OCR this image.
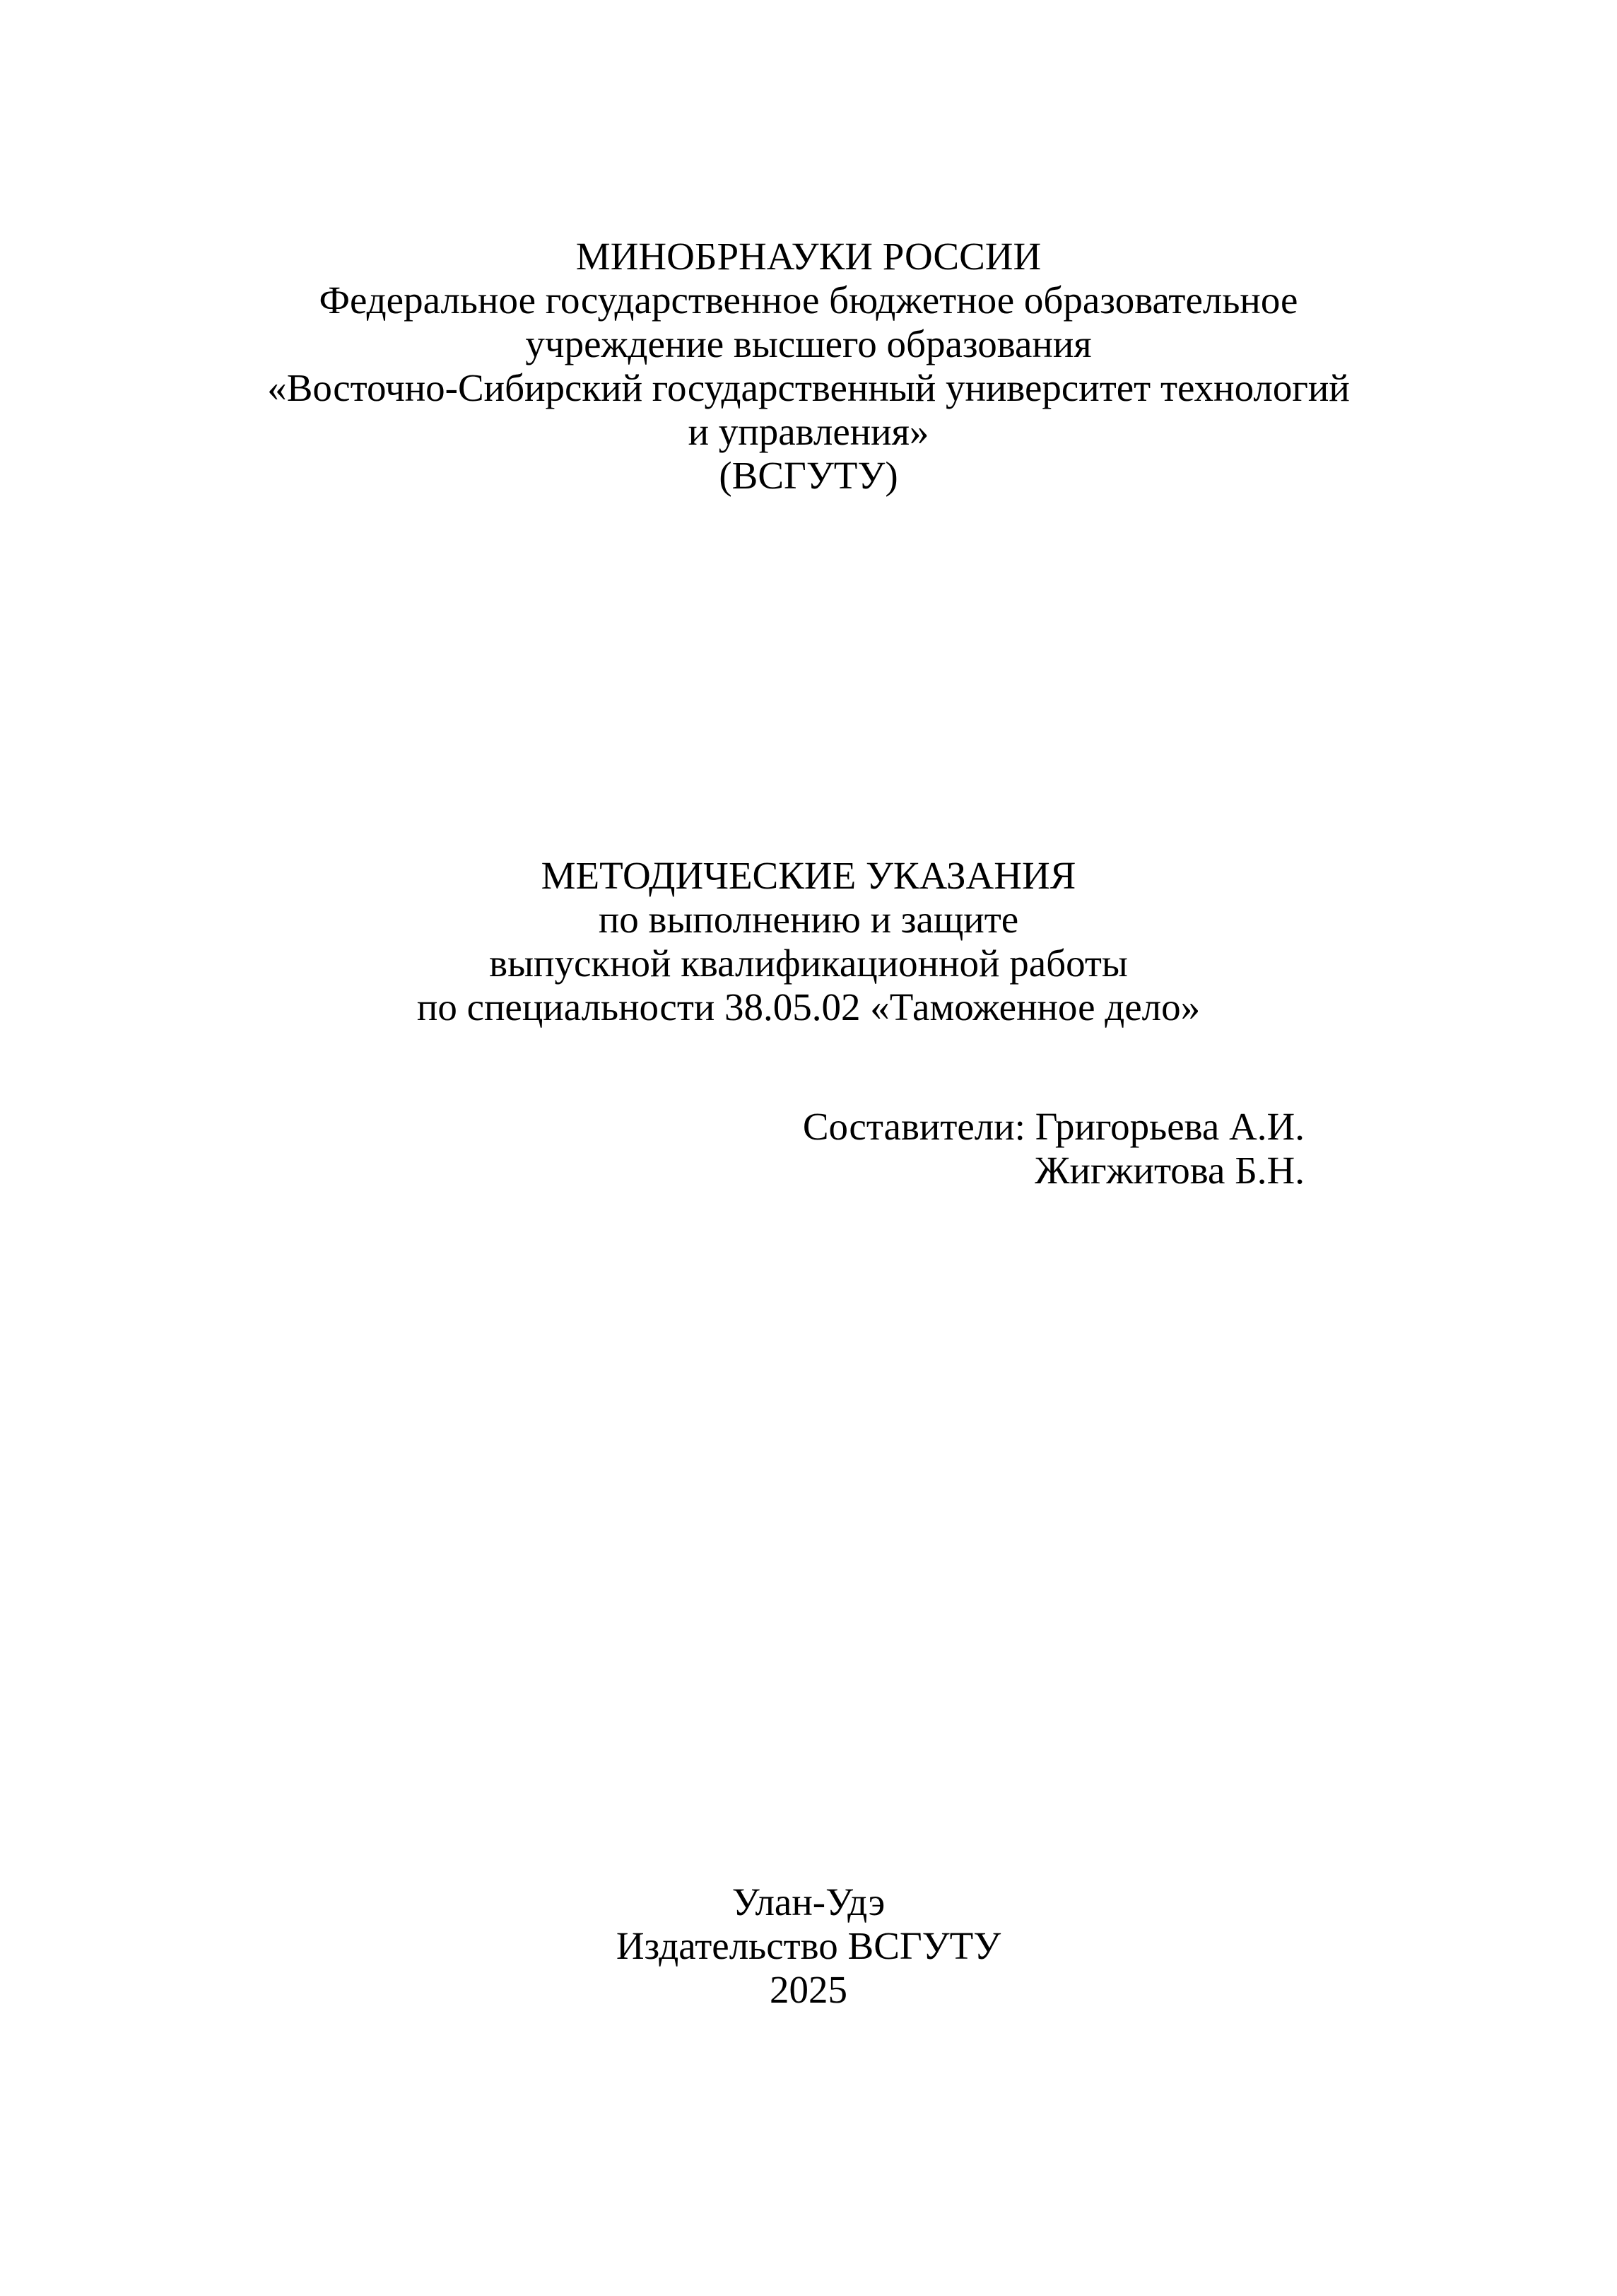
МИНОБРНАУКИ РОССИИ
Федеральное государственное бюджетное образовательное
учреждение высшего образования
«Восточно-Сибирский государственный университет технологий
и управления»
(ВСГУТУ)
МЕТОДИЧЕСКИЕ УКАЗАНИЯ
по выполнению и защите
выпускной квалификационной работы
по специальности 38.05.02 «Таможенное дело»
Составители: Григорьева А.И.
Жигжитова Б.Н.
Улан-Удэ
Издательство ВСГУТУ
2025
